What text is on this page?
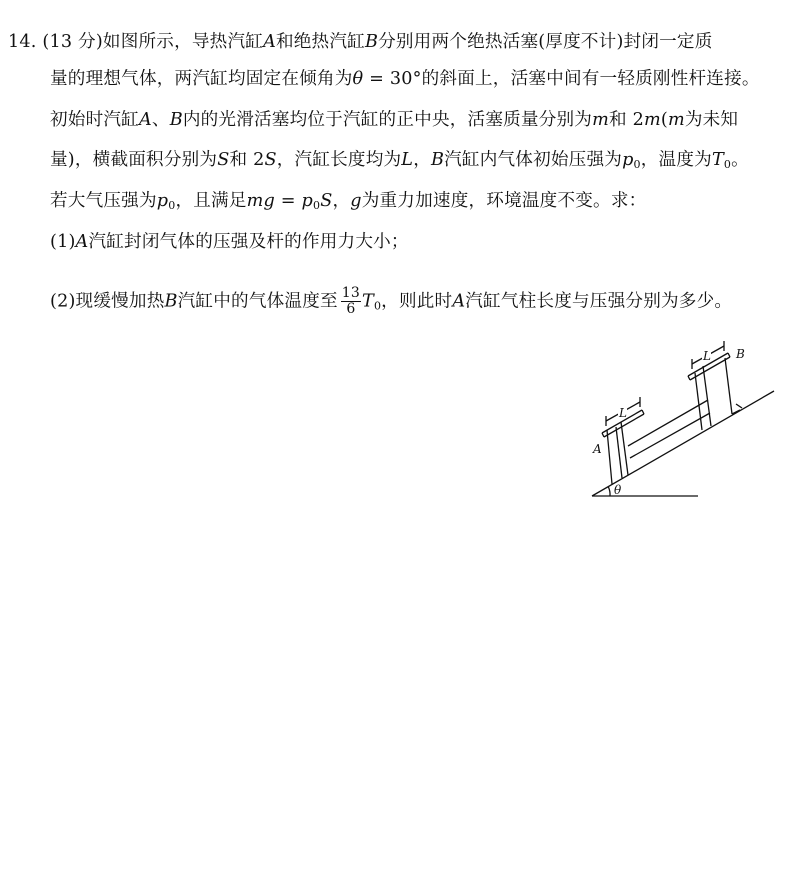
14. (13 分)如图所示，导热汽缸A和绝热汽缸B分别用两个绝热活塞(厚度不计)封闭一定质
量的理想气体，两汽缸均固定在倾角为θ = 30°的斜面上，活塞中间有一轻质刚性杆连接。
初始时汽缸A、B内的光滑活塞均位于汽缸的正中央，活塞质量分别为m和 2m(m为未知
量)，横截面积分别为S和 2S，汽缸长度均为L，B汽缸内气体初始压强为$p_0$，温度为$T_0$。
若大气压强为$p_0$，且满足mg = $p_0S$，g为重力加速度，环境温度不变。求：
(1)A汽缸封闭气体的压强及杆的作用力大小；
(2)现缓慢加热B汽缸中的气体温度至 $\frac{13}{6} T_0$，则此时A汽缸气柱长度与压强分别为多少。
L
L
A
B
θ
